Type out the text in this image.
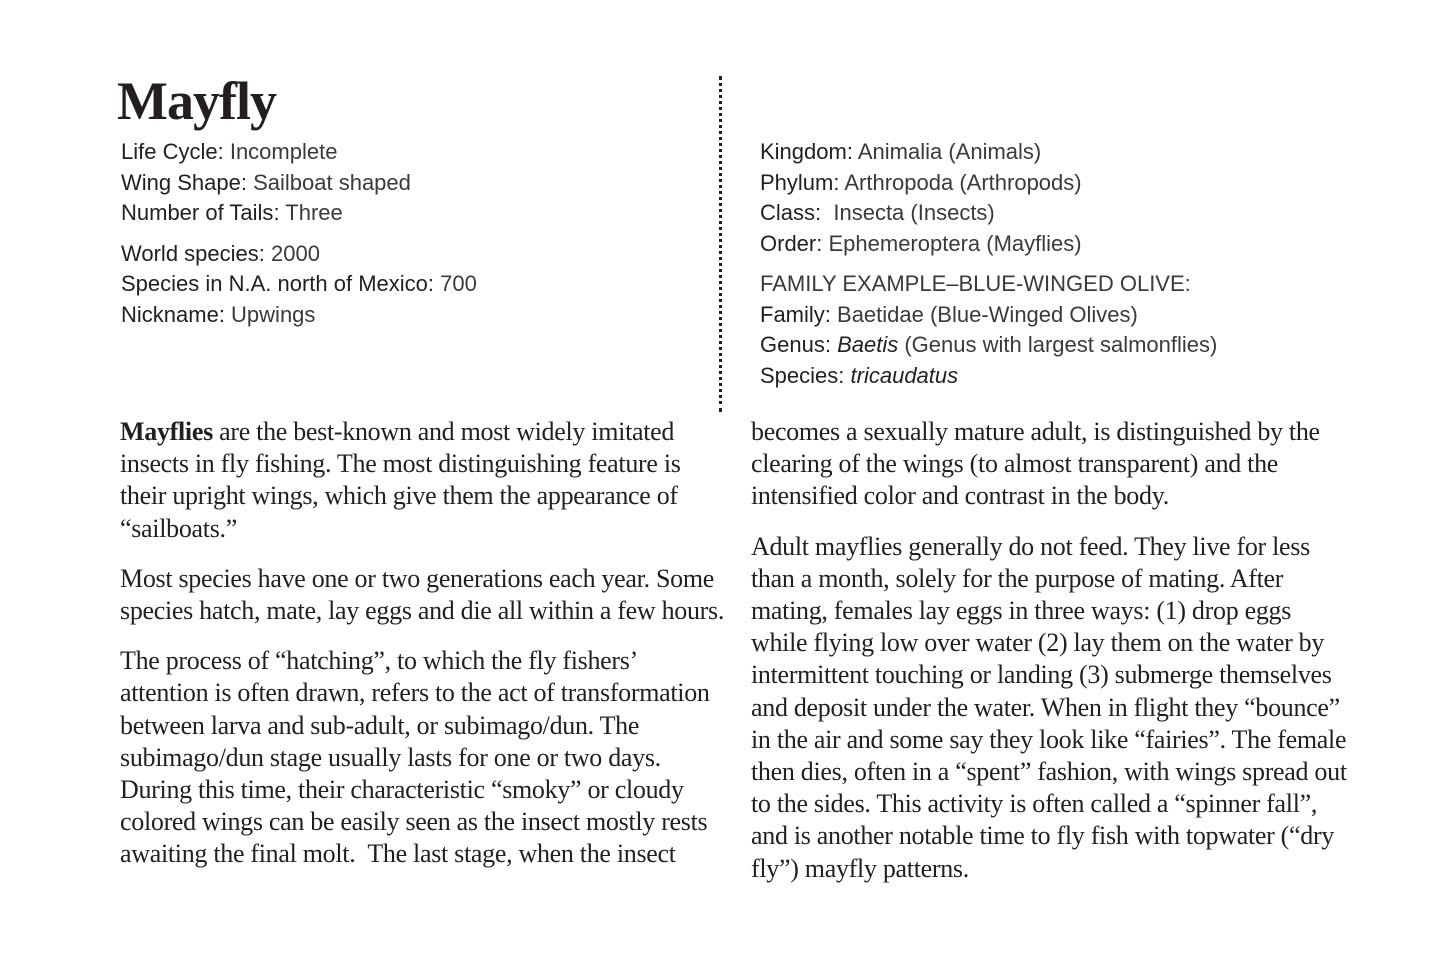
Mayfly
Life Cycle: Incomplete
Wing Shape: Sailboat shaped
Number of Tails: Three
World species: 2000
Species in N.A. north of Mexico: 700
Nickname: Upwings
Kingdom: Animalia (Animals)
Phylum: Arthropoda (Arthropods)
Class:  Insecta (Insects)
Order: Ephemeroptera (Mayflies)
FAMILY EXAMPLE–BLUE-WINGED OLIVE:
Family: Baetidae (Blue-Winged Olives)
Genus: Baetis (Genus with largest salmonflies)
Species: tricaudatus

Mayflies are the best-known and most widely imitated
insects in fly fishing. The most distinguishing feature is
their upright wings, which give them the appearance of
“sailboats.”

Most species have one or two generations each year. Some
species hatch, mate, lay eggs and die all within a few hours.

The process of “hatching”, to which the fly fishers’
attention is often drawn, refers to the act of transformation
between larva and sub-adult, or subimago/dun. The
subimago/dun stage usually lasts for one or two days.
During this time, their characteristic “smoky” or cloudy
colored wings can be easily seen as the insect mostly rests
awaiting the final molt.  The last stage, when the insect

becomes a sexually mature adult, is distinguished by the
clearing of the wings (to almost transparent) and the
intensified color and contrast in the body.

Adult mayflies generally do not feed. They live for less
than a month, solely for the purpose of mating. After
mating, females lay eggs in three ways: (1) drop eggs
while flying low over water (2) lay them on the water by
intermittent touching or landing (3) submerge themselves
and deposit under the water. When in flight they “bounce”
in the air and some say they look like “fairies”. The female
then dies, often in a “spent” fashion, with wings spread out
to the sides. This activity is often called a “spinner fall”,
and is another notable time to fly fish with topwater (“dry
fly”) mayfly patterns.
